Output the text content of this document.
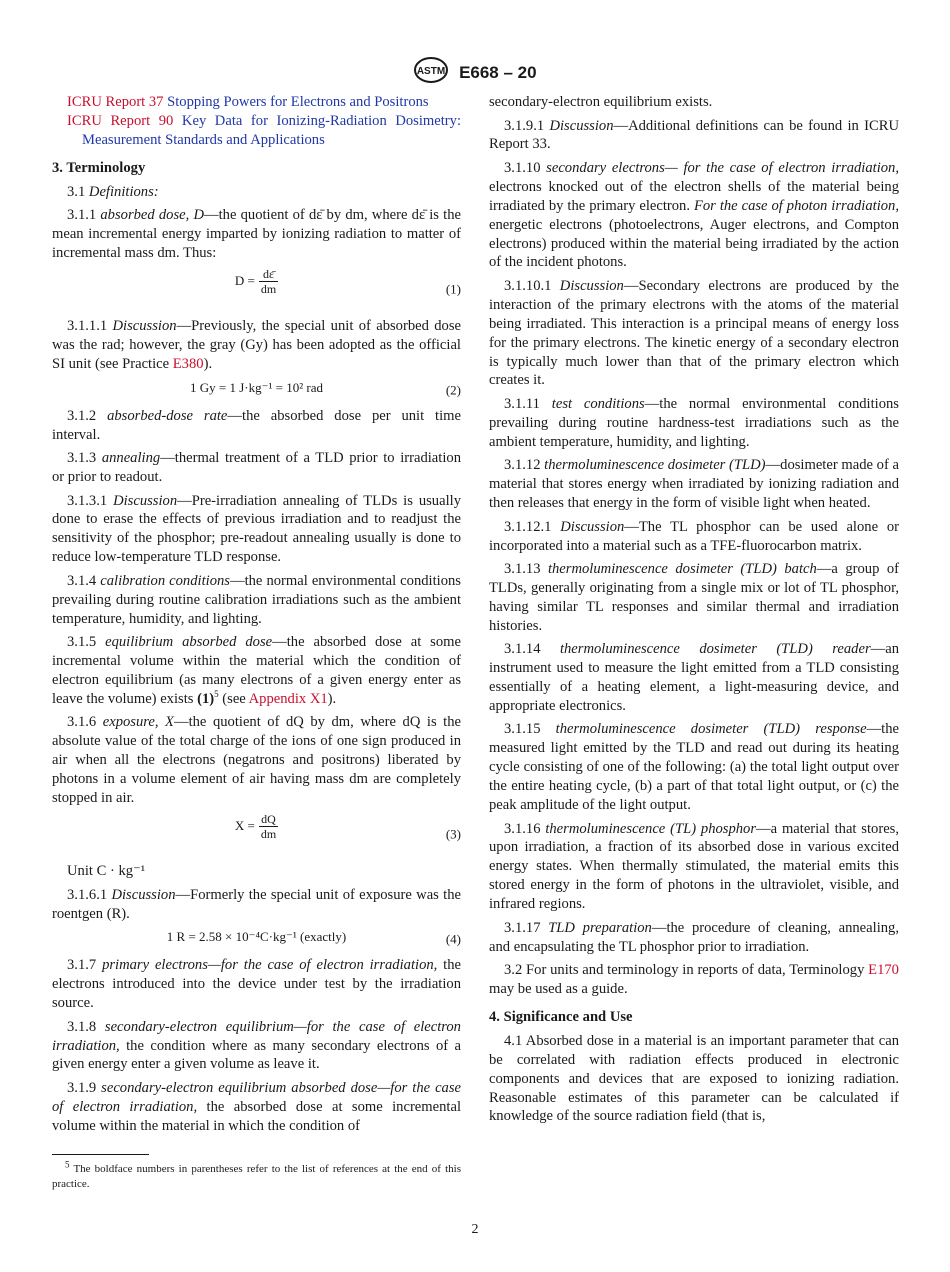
ASTM E668 – 20

ICRU Report 37 Stopping Powers for Electrons and Positrons

ICRU Report 90 Key Data for Ionizing-Radiation Dosimetry: Measurement Standards and Applications

3. Terminology

3.1 Definitions:

3.1.1 absorbed dose, D—the quotient of dε̄ by dm, where dε̄ is the mean incremental energy imparted by ionizing radiation to matter of incremental mass dm. Thus:

$D = \frac{d\varepsilon̄}{dm}$	(1)

3.1.1.1 Discussion—Previously, the special unit of absorbed dose was the rad; however, the gray (Gy) has been adopted as the official SI unit (see Practice E380).

1 Gy = 1 J·kg⁻¹ = 10² rad	(2)

3.1.2 absorbed-dose rate—the absorbed dose per unit time interval.

3.1.3 annealing—thermal treatment of a TLD prior to irradiation or prior to readout.

3.1.3.1 Discussion—Pre-irradiation annealing of TLDs is usually done to erase the effects of previous irradiation and to readjust the sensitivity of the phosphor; pre-readout annealing usually is done to reduce low-temperature TLD response.

3.1.4 calibration conditions—the normal environmental conditions prevailing during routine calibration irradiations such as the ambient temperature, humidity, and lighting.

3.1.5 equilibrium absorbed dose—the absorbed dose at some incremental volume within the material which the condition of electron equilibrium (as many electrons of a given energy enter as leave the volume) exists $(1)^5$ (see Appendix X1).

3.1.6 exposure, X—the quotient of dQ by dm, where dQ is the absolute value of the total charge of the ions of one sign produced in air when all the electrons (negatrons and positrons) liberated by photons in a volume element of air having mass dm are completely stopped in air.

$X = \frac{dQ}{dm}$	(3)

Unit C · kg⁻¹

3.1.6.1 Discussion—Formerly the special unit of exposure was the roentgen (R).

1 R = 2.58 × 10⁻⁴C·kg⁻¹ (exactly)	(4)

3.1.7 primary electrons—for the case of electron irradiation, the electrons introduced into the device under test by the irradiation source.

3.1.8 secondary-electron equilibrium—for the case of electron irradiation, the condition where as many secondary electrons of a given energy enter a given volume as leave it.

3.1.9 secondary-electron equilibrium absorbed dose—for the case of electron irradiation, the absorbed dose at some incremental volume within the material in which the condition of

$^5$ The boldface numbers in parentheses refer to the list of references at the end of this practice.

secondary-electron equilibrium exists.

3.1.9.1 Discussion—Additional definitions can be found in ICRU Report 33.

3.1.10 secondary electrons— for the case of electron irradiation, electrons knocked out of the electron shells of the material being irradiated by the primary electron. For the case of photon irradiation, energetic electrons (photoelectrons, Auger electrons, and Compton electrons) produced within the material being irradiated by the action of the incident photons.

3.1.10.1 Discussion—Secondary electrons are produced by the interaction of the primary electrons with the atoms of the material being irradiated. This interaction is a principal means of energy loss for the primary electrons. The kinetic energy of a secondary electron is typically much lower than that of the primary electron which creates it.

3.1.11 test conditions—the normal environmental conditions prevailing during routine hardness-test irradiations such as the ambient temperature, humidity, and lighting.

3.1.12 thermoluminescence dosimeter (TLD)—dosimeter made of a material that stores energy when irradiated by ionizing radiation and then releases that energy in the form of visible light when heated.

3.1.12.1 Discussion—The TL phosphor can be used alone or incorporated into a material such as a TFE-fluorocarbon matrix.

3.1.13 thermoluminescence dosimeter (TLD) batch—a group of TLDs, generally originating from a single mix or lot of TL phosphor, having similar TL responses and similar thermal and irradiation histories.

3.1.14 thermoluminescence dosimeter (TLD) reader—an instrument used to measure the light emitted from a TLD consisting essentially of a heating element, a light-measuring device, and appropriate electronics.

3.1.15 thermoluminescence dosimeter (TLD) response—the measured light emitted by the TLD and read out during its heating cycle consisting of one of the following: (a) the total light output over the entire heating cycle, (b) a part of that total light output, or (c) the peak amplitude of the light output.

3.1.16 thermoluminescence (TL) phosphor—a material that stores, upon irradiation, a fraction of its absorbed dose in various excited energy states. When thermally stimulated, the material emits this stored energy in the form of photons in the ultraviolet, visible, and infrared regions.

3.1.17 TLD preparation—the procedure of cleaning, annealing, and encapsulating the TL phosphor prior to irradiation.

3.2 For units and terminology in reports of data, Terminology E170 may be used as a guide.

4. Significance and Use

4.1 Absorbed dose in a material is an important parameter that can be correlated with radiation effects produced in electronic components and devices that are exposed to ionizing radiation. Reasonable estimates of this parameter can be calculated if knowledge of the source radiation field (that is,

2
